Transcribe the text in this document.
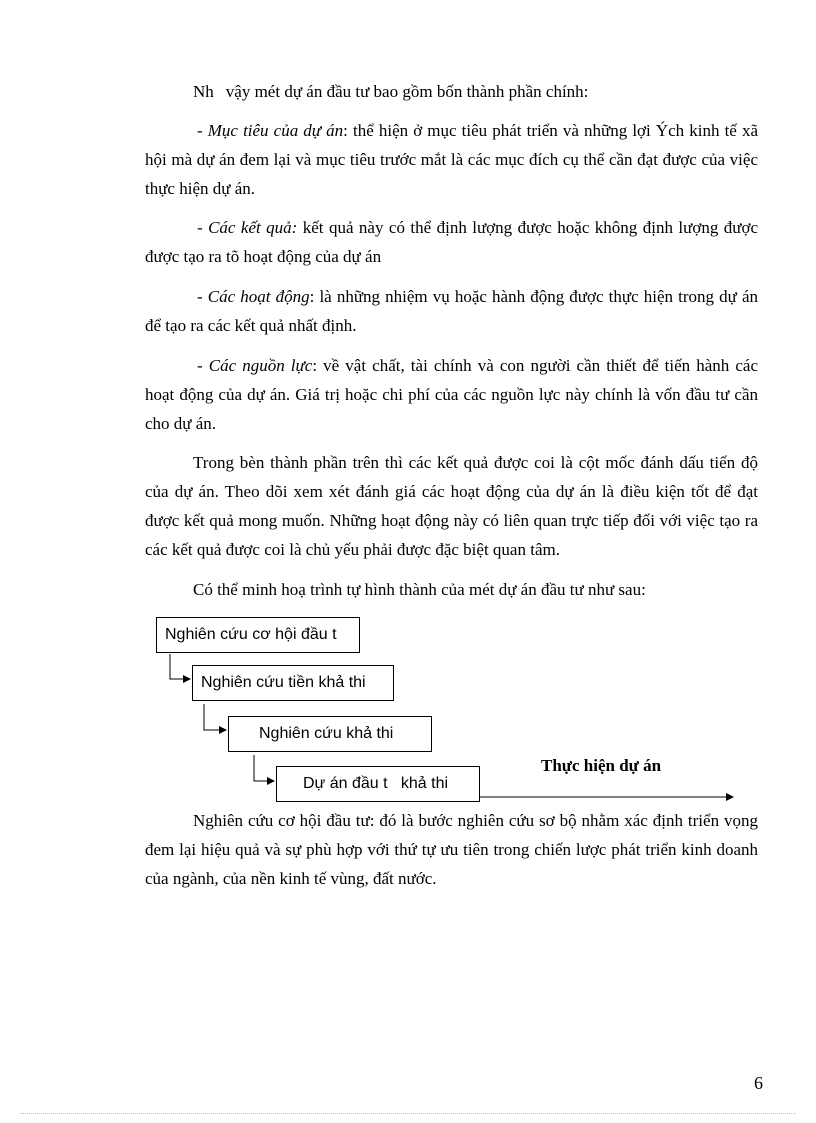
Nh vậy mét dự án đầu tư bao gồm bốn thành phần chính:

- Mục tiêu của dự án: thể hiện ở mục tiêu phát triển và những lợi Ých kinh tế xã hội mà dự án đem lại và mục tiêu trước mắt là các mục đích cụ thể cần đạt được của việc thực hiện dự án.

- Các kết quả: kết quả này có thể định lượng được hoặc không định lượng được được tạo ra tõ hoạt động của dự án

- Các hoạt động: là những nhiệm vụ hoặc hành động được thực hiện trong dự án để tạo ra các kết quả nhất định.

- Các nguồn lực: về vật chất, tài chính và con người cần thiết để tiến hành các hoạt động của dự án. Giá trị hoặc chi phí của các nguồn lực này chính là vốn đầu tư cần cho dự án.

Trong bèn thành phần trên thì các kết quả được coi là cột mốc đánh dấu tiến độ của dự án. Theo dõi xem xét đánh giá các hoạt động của dự án là điều kiện tốt để đạt được kết quả mong muốn. Những hoạt động này có liên quan trực tiếp đối với việc tạo ra các kết quả được coi là chủ yếu phải được đặc biệt quan tâm.

Có thể minh hoạ trình tự hình thành của mét dự án đầu tư như sau:

Nghiên cứu cơ hội đầu t
Nghiên cứu tiền khả thi
Nghiên cứu khả thi
Dự án đầu t   khả thi
Thực hiện dự án

Nghiên cứu cơ hội đầu tư: đó là bước nghiên cứu sơ bộ nhằm xác định triển vọng đem lại hiệu quả và sự phù hợp với thứ tự ưu tiên trong chiến lược phát triển kinh doanh của ngành, của nền kinh tế vùng, đất nước.

6
